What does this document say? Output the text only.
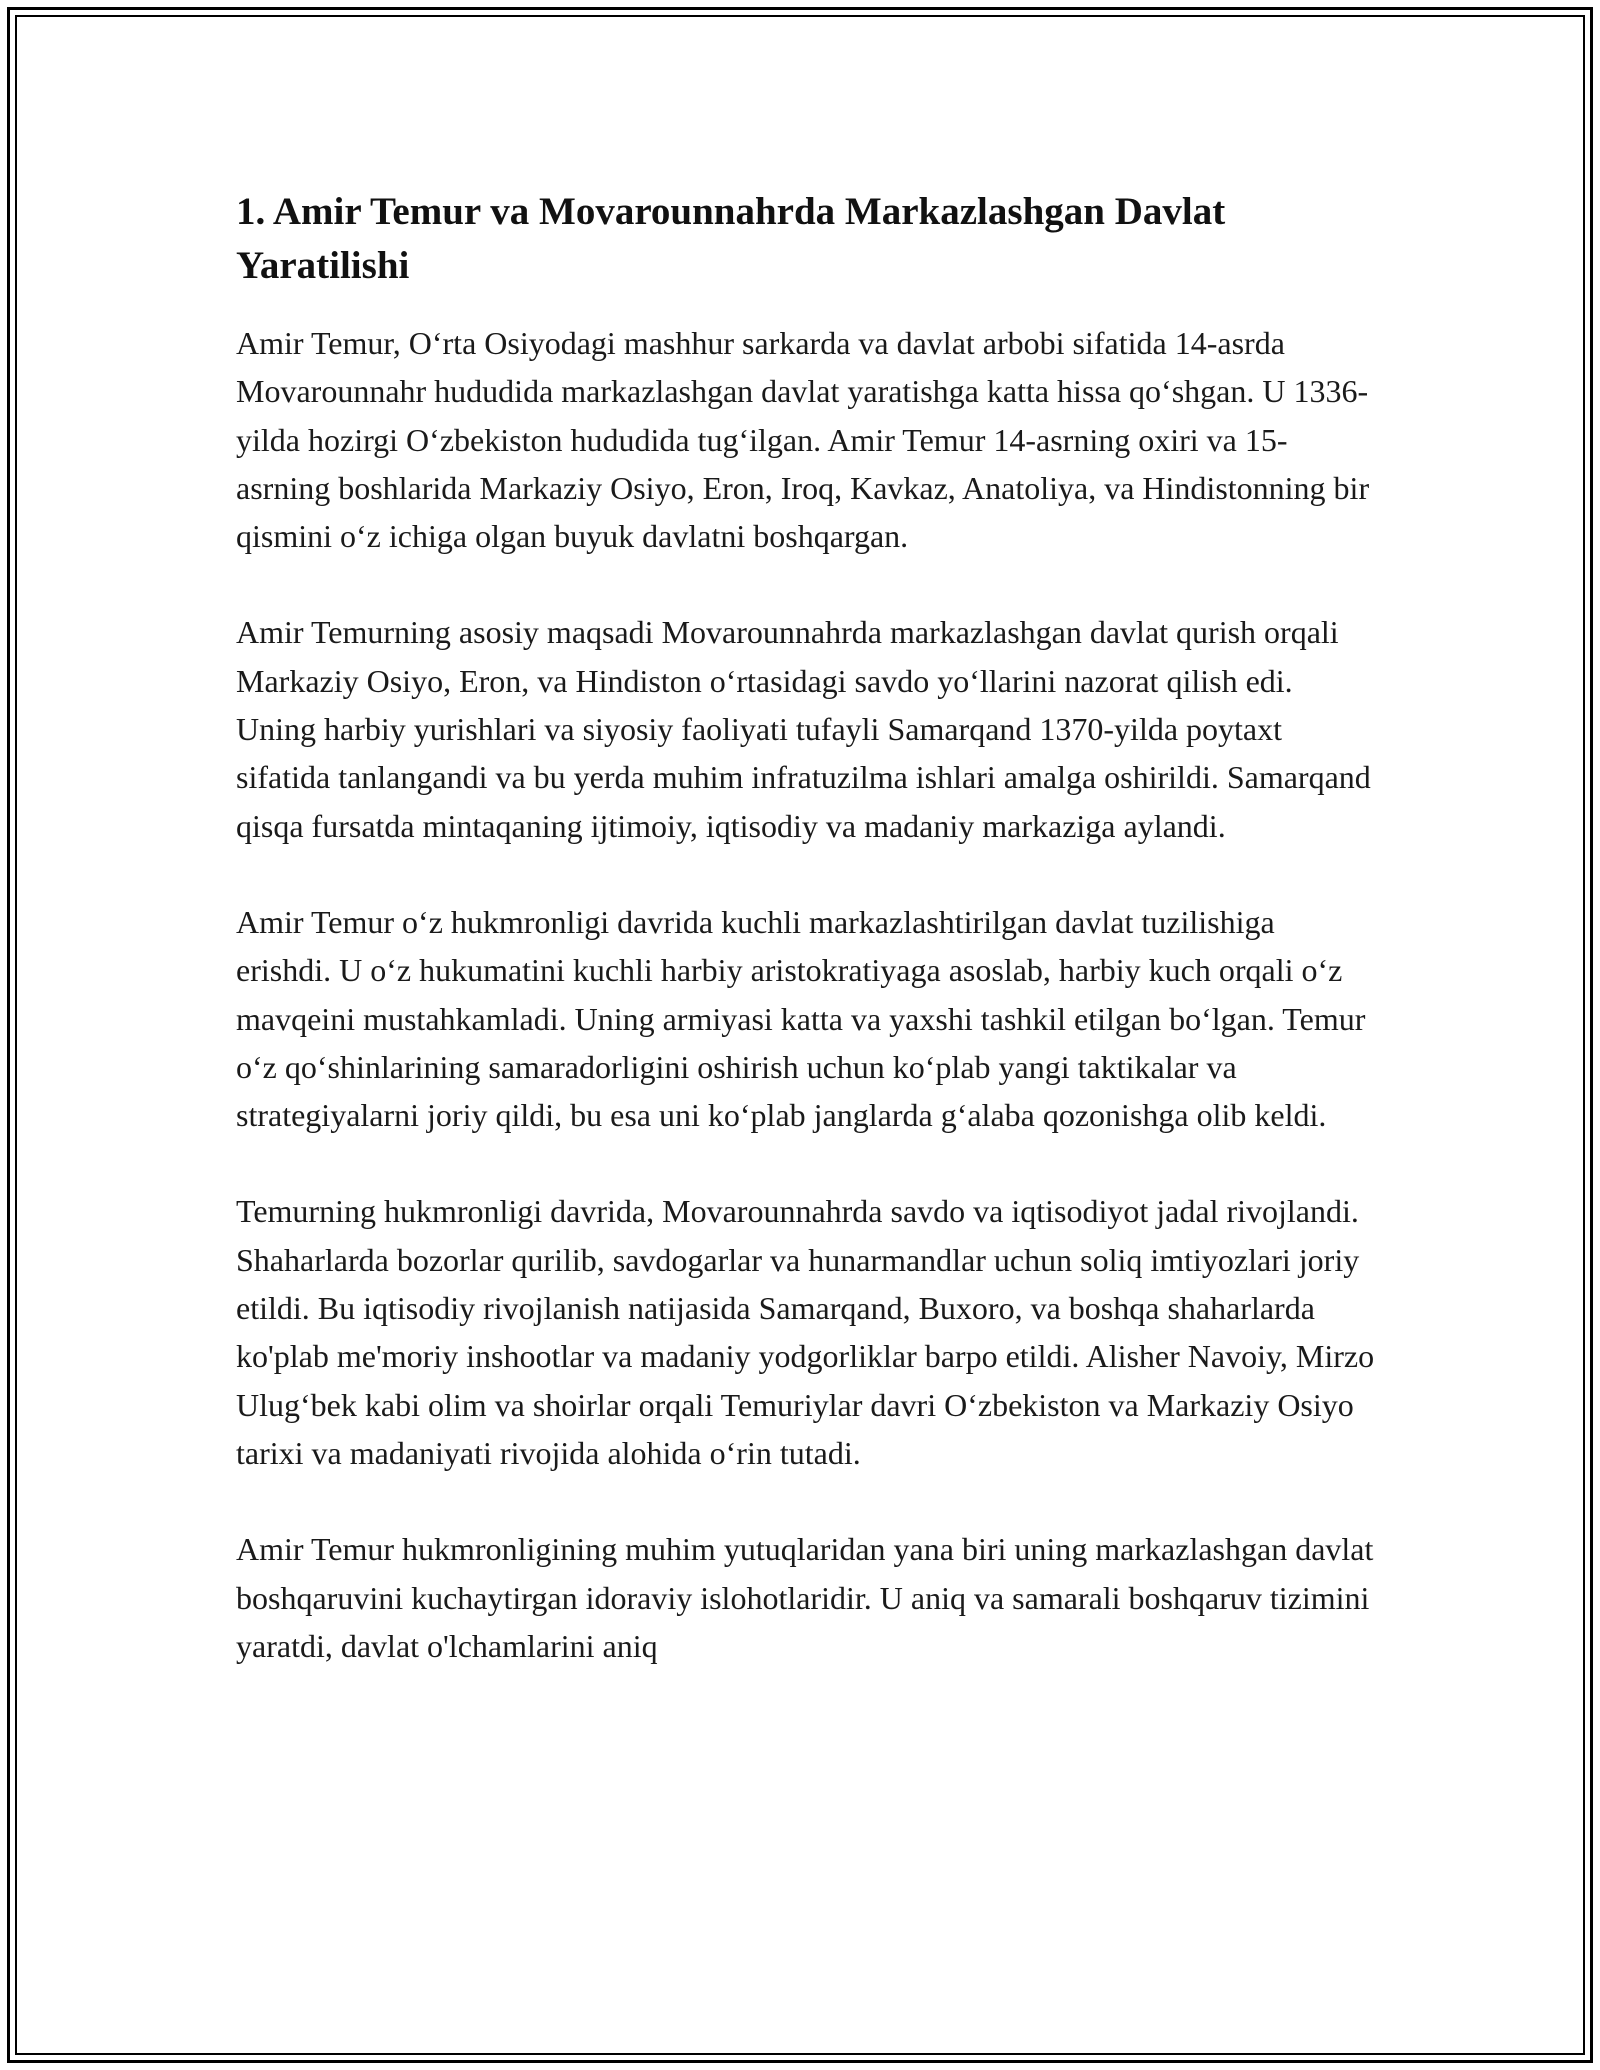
1. Amir Temur va Movarounnahrda Markazlashgan Davlat Yaratilishi

Amir Temur, O‘rta Osiyodagi mashhur sarkarda va davlat arbobi sifatida 14-asrda Movarounnahr hududida markazlashgan davlat yaratishga katta hissa qo‘shgan. U 1336-yilda hozirgi O‘zbekiston hududida tug‘ilgan. Amir Temur 14-asrning oxiri va 15-asrning boshlarida Markaziy Osiyo, Eron, Iroq, Kavkaz, Anatoliya, va Hindistonning bir qismini o‘z ichiga olgan buyuk davlatni boshqargan.

Amir Temurning asosiy maqsadi Movarounnahrda markazlashgan davlat qurish orqali Markaziy Osiyo, Eron, va Hindiston o‘rtasidagi savdo yo‘llarini nazorat qilish edi. Uning harbiy yurishlari va siyosiy faoliyati tufayli Samarqand 1370-yilda poytaxt sifatida tanlangandi va bu yerda muhim infratuzilma ishlari amalga oshirildi. Samarqand qisqa fursatda mintaqaning ijtimoiy, iqtisodiy va madaniy markaziga aylandi.

Amir Temur o‘z hukmronligi davrida kuchli markazlashtirilgan davlat tuzilishiga erishdi. U o‘z hukumatini kuchli harbiy aristokratiyaga asoslab, harbiy kuch orqali o‘z mavqeini mustahkamladi. Uning armiyasi katta va yaxshi tashkil etilgan bo‘lgan. Temur o‘z qo‘shinlarining samaradorligini oshirish uchun ko‘plab yangi taktikalar va strategiyalarni joriy qildi, bu esa uni ko‘plab janglarda g‘alaba qozonishga olib keldi.

Temurning hukmronligi davrida, Movarounnahrda savdo va iqtisodiyot jadal rivojlandi. Shaharlarda bozorlar qurilib, savdogarlar va hunarmandlar uchun soliq imtiyozlari joriy etildi. Bu iqtisodiy rivojlanish natijasida Samarqand, Buxoro, va boshqa shaharlarda ko'plab me'moriy inshootlar va madaniy yodgorliklar barpo etildi. Alisher Navoiy, Mirzo Ulug‘bek kabi olim va shoirlar orqali Temuriylar davri O‘zbekiston va Markaziy Osiyo tarixi va madaniyati rivojida alohida o‘rin tutadi.

Amir Temur hukmronligining muhim yutuqlaridan yana biri uning markazlashgan davlat boshqaruvini kuchaytirgan idoraviy islohotlaridir. U aniq va samarali boshqaruv tizimini yaratdi, davlat o'lchamlarini aniq
